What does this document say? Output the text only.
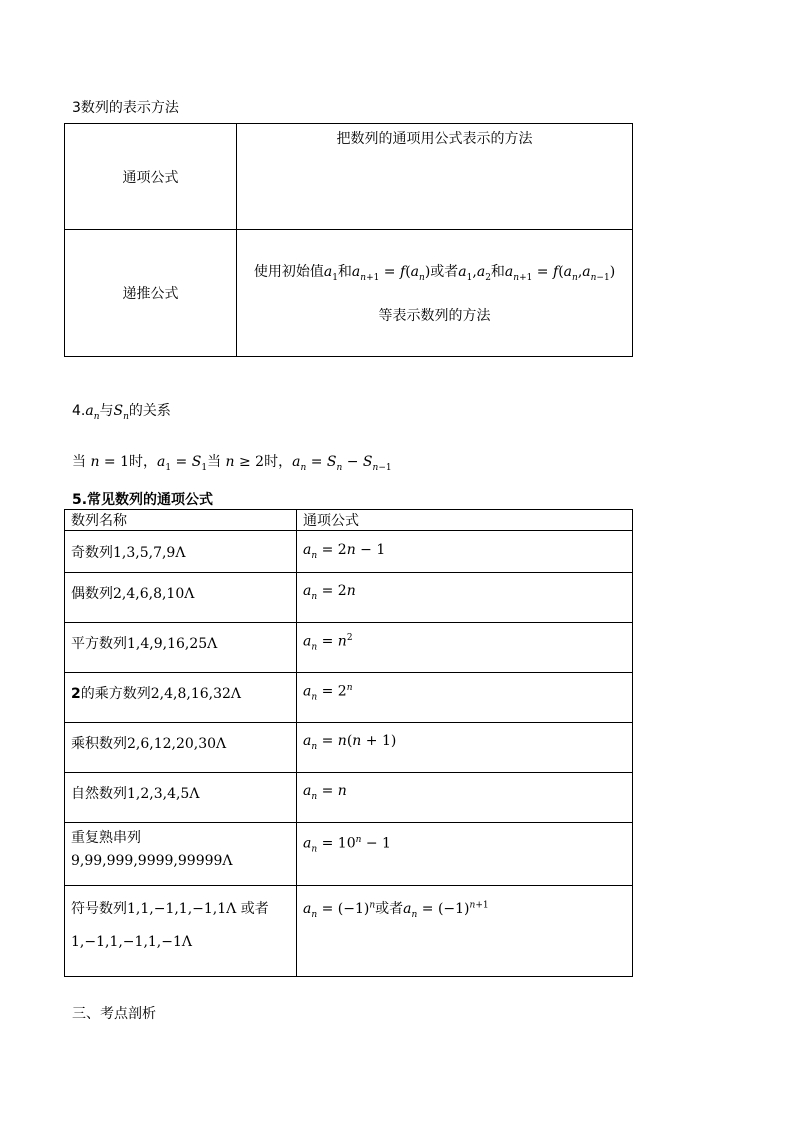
3数列的表示方法
通项公式	把数列的通项用公式表示的方法
递推公式	使用初始值$a_1$和$a_{n+1} = f(a_n)$或者$a_1,a_2$和$a_{n+1} = f(a_n,a_{n-1})$
等表示数列的方法
$4.a_n$与$S_n$的关系
当 n = 1时，$a_1 = S_1$当 n ≥ 2时，$a_n = S_n - S_{n-1}$
5.常见数列的通项公式
数列名称	通项公式
奇数列1,3,5,7,9Λ	$a_n = 2n - 1$
偶数列2,4,6,8,10Λ	$a_n = 2n$
平方数列1,4,9,16,25Λ	$a_n = n^2$
2的乘方数列2,4,8,16,32Λ	$a_n = 2^n$
乘积数列2,6,12,20,30Λ	$a_n = n(n + 1)$
自然数列1,2,3,4,5Λ	$a_n = n$

重复熟串列
9,99,999,9999,99999Λ	$a_n = 10^n - 1$

符号数列1,1,−1,1,−1,1Λ 或者
1,−1,1,−1,1,−1Λ	$a_n = (-1)^n$或者$a_n = (-1)^{n+1}$
三、考点剖析
